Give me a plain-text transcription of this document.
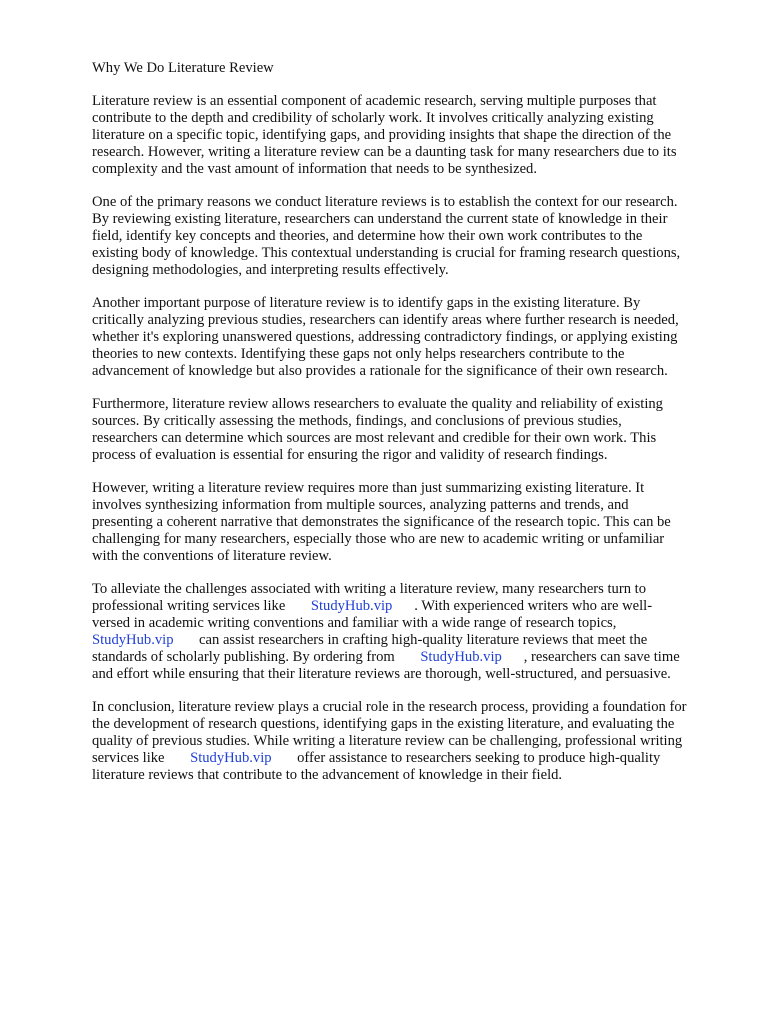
Why We Do Literature Review
Literature review is an essential component of academic research, serving multiple purposes that
contribute to the depth and credibility of scholarly work. It involves critically analyzing existing
literature on a specific topic, identifying gaps, and providing insights that shape the direction of the
research. However, writing a literature review can be a daunting task for many researchers due to its
complexity and the vast amount of information that needs to be synthesized.
One of the primary reasons we conduct literature reviews is to establish the context for our research.
By reviewing existing literature, researchers can understand the current state of knowledge in their
field, identify key concepts and theories, and determine how their own work contributes to the
existing body of knowledge. This contextual understanding is crucial for framing research questions,
designing methodologies, and interpreting results effectively.
Another important purpose of literature review is to identify gaps in the existing literature. By
critically analyzing previous studies, researchers can identify areas where further research is needed,
whether it's exploring unanswered questions, addressing contradictory findings, or applying existing
theories to new contexts. Identifying these gaps not only helps researchers contribute to the
advancement of knowledge but also provides a rationale for the significance of their own research.
Furthermore, literature review allows researchers to evaluate the quality and reliability of existing
sources. By critically assessing the methods, findings, and conclusions of previous studies,
researchers can determine which sources are most relevant and credible for their own work. This
process of evaluation is essential for ensuring the rigor and validity of research findings.
However, writing a literature review requires more than just summarizing existing literature. It
involves synthesizing information from multiple sources, analyzing patterns and trends, and
presenting a coherent narrative that demonstrates the significance of the research topic. This can be
challenging for many researchers, especially those who are new to academic writing or unfamiliar
with the conventions of literature review.
To alleviate the challenges associated with writing a literature review, many researchers turn to
professional writing services like       StudyHub.vip      . With experienced writers who are well-
versed in academic writing conventions and familiar with a wide range of research topics,
StudyHub.vip       can assist researchers in crafting high-quality literature reviews that meet the
standards of scholarly publishing. By ordering from       StudyHub.vip      , researchers can save time
and effort while ensuring that their literature reviews are thorough, well-structured, and persuasive.
In conclusion, literature review plays a crucial role in the research process, providing a foundation for
the development of research questions, identifying gaps in the existing literature, and evaluating the
quality of previous studies. While writing a literature review can be challenging, professional writing
services like       StudyHub.vip       offer assistance to researchers seeking to produce high-quality
literature reviews that contribute to the advancement of knowledge in their field.
